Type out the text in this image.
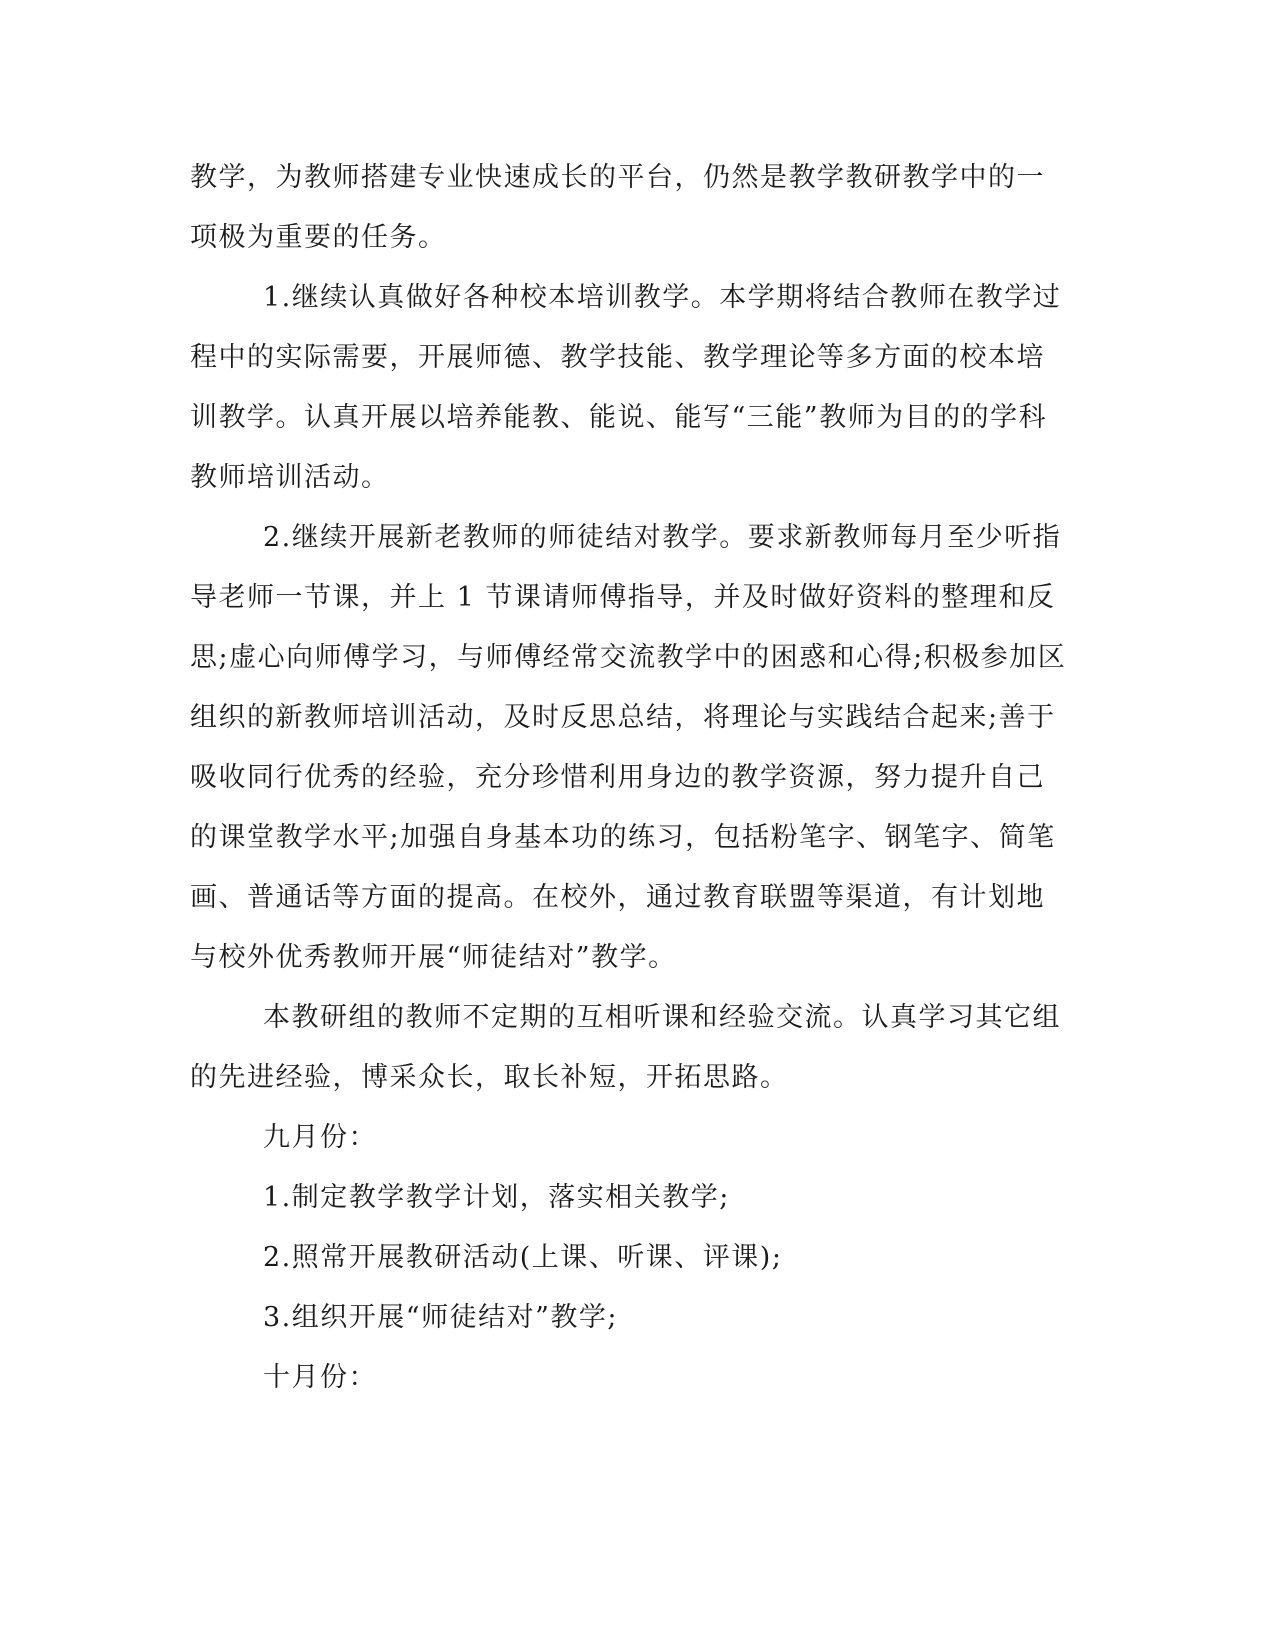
教学，为教师搭建专业快速成长的平台，仍然是教学教研教学中的一
项极为重要的任务。
1.继续认真做好各种校本培训教学。本学期将结合教师在教学过
程中的实际需要，开展师德、教学技能、教学理论等多方面的校本培
训教学。认真开展以培养能教、能说、能写“三能”教师为目的的学科
教师培训活动。
2.继续开展新老教师的师徒结对教学。要求新教师每月至少听指
导老师一节课，并上 1 节课请师傅指导，并及时做好资料的整理和反
思;虚心向师傅学习，与师傅经常交流教学中的困惑和心得;积极参加区
组织的新教师培训活动，及时反思总结，将理论与实践结合起来;善于
吸收同行优秀的经验，充分珍惜利用身边的教学资源，努力提升自己
的课堂教学水平;加强自身基本功的练习，包括粉笔字、钢笔字、简笔
画、普通话等方面的提高。在校外，通过教育联盟等渠道，有计划地
与校外优秀教师开展“师徒结对”教学。
本教研组的教师不定期的互相听课和经验交流。认真学习其它组
的先进经验，博采众长，取长补短，开拓思路。
九月份：
1.制定教学教学计划，落实相关教学;
2.照常开展教研活动(上课、听课、评课);
3.组织开展“师徒结对”教学;
十月份：
